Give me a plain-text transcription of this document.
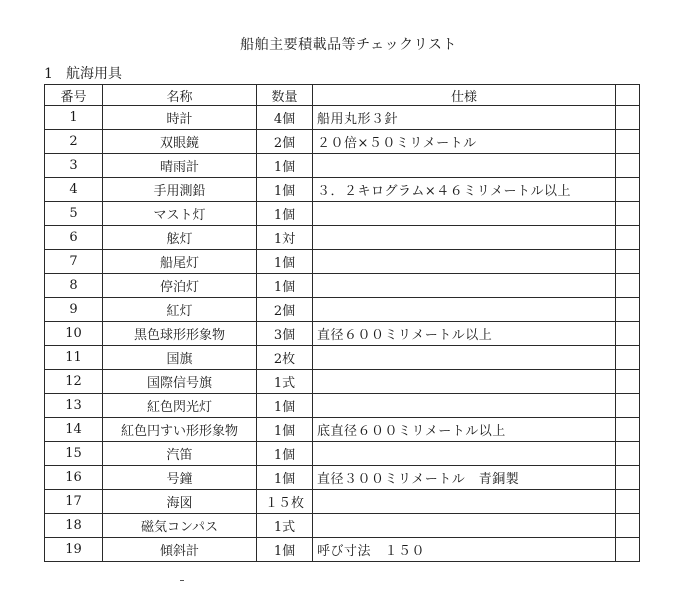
船舶主要積載品等チェックリスト
1 航海用具
番号	名称	数量	仕様	
1	時計	4個	船用丸形３針	
2	双眼鏡	2個	２０倍×５０ミリメートル	
3	晴雨計	1個		
4	手用測鉛	1個	３．２キログラム×４６ミリメートル以上	
5	マスト灯	1個		
6	舷灯	1対		
7	船尾灯	1個		
8	停泊灯	1個		
9	紅灯	2個		
10	黒色球形形象物	3個	直径６００ミリメートル以上	
11	国旗	2枚		
12	国際信号旗	1式		
13	紅色閃光灯	1個		
14	紅色円すい形形象物	1個	底直径６００ミリメートル以上	
15	汽笛	1個		
16	号鐘	1個	直径３００ミリメートル　青銅製	
17	海図	１５枚		
18	磁気コンパス	1式		
19	傾斜計	1個	呼び寸法　１５０	
